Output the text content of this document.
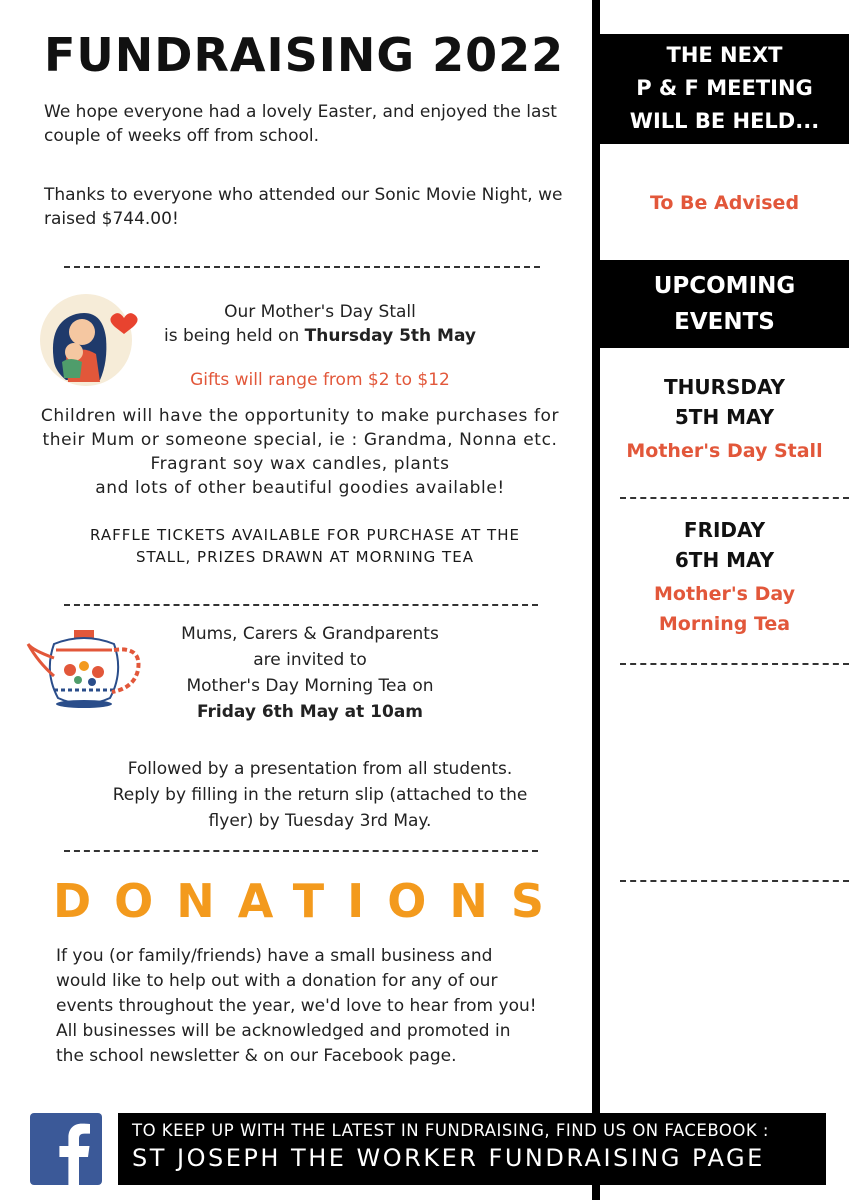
FUNDRAISING 2022
We hope everyone had a lovely Easter, and enjoyed the last couple of weeks off from school.
Thanks to everyone who attended our Sonic Movie Night, we raised $744.00!
Our Mother's Day Stall
is being held on Thursday 5th May
Gifts will range from $2 to $12
Children will have the opportunity to make purchases for
their Mum or someone special, ie : Grandma, Nonna etc.
Fragrant soy wax candles, plants
and lots of other beautiful goodies available!
RAFFLE TICKETS AVAILABLE FOR PURCHASE AT THE
STALL, PRIZES DRAWN AT MORNING TEA
Mums, Carers & Grandparents
are invited to
Mother's Day Morning Tea on
Friday 6th May at 10am
Followed by a presentation from all students.
Reply by filling in the return slip (attached to the
flyer) by Tuesday 3rd May.
DONATIONS
If you (or family/friends) have a small business and
would like to help out with a donation for any of our
events throughout the year, we'd love to hear from you!
All businesses will be acknowledged and promoted in
the school newsletter & on our Facebook page.
THE NEXT
P & F MEETING
WILL BE HELD...
To Be Advised
UPCOMING
EVENTS
THURSDAY
5TH MAY
Mother's Day Stall
FRIDAY
6TH MAY
Mother's Day
Morning Tea
TO KEEP UP WITH THE LATEST IN FUNDRAISING, FIND US ON FACEBOOK :
ST JOSEPH THE WORKER FUNDRAISING PAGE
